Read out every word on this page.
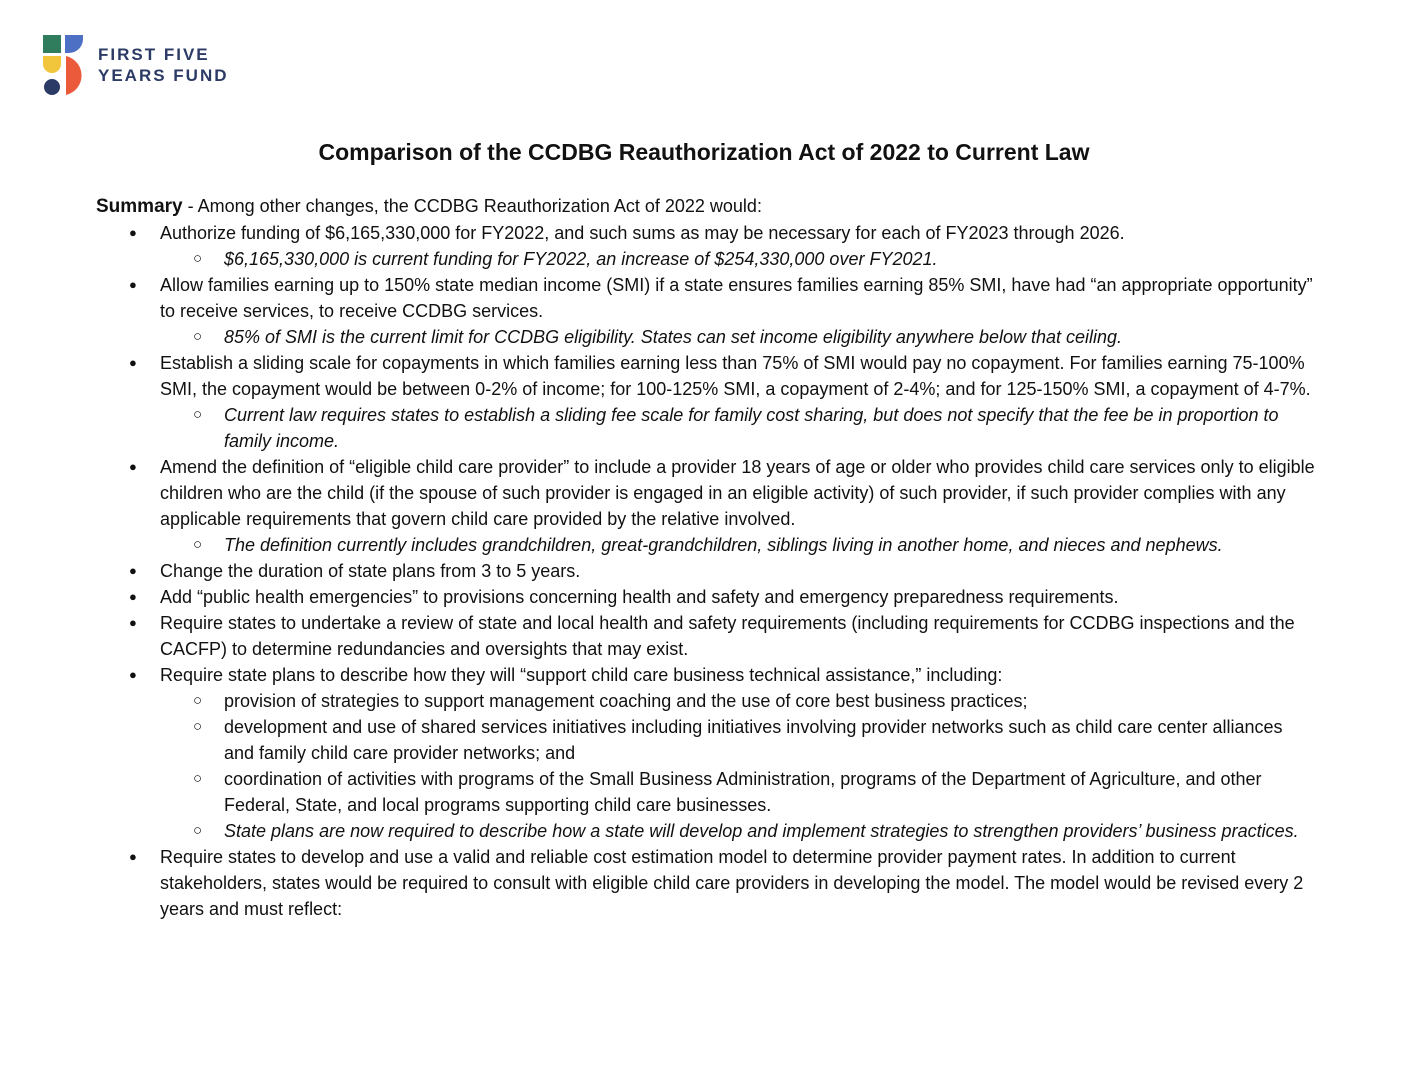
FIRST FIVE
YEARS FUND
Comparison of the CCDBG Reauthorization Act of 2022 to Current Law

Summary - Among other changes, the CCDBG Reauthorization Act of 2022 would:

● Authorize funding of $6,165,330,000 for FY2022, and such sums as may be necessary for each of FY2023 through 2026.
○ $6,165,330,000 is current funding for FY2022, an increase of $254,330,000 over FY2021.
● Allow families earning up to 150% state median income (SMI) if a state ensures families earning 85% SMI, have had “an appropriate opportunity” to receive services, to receive CCDBG services.
○ 85% of SMI is the current limit for CCDBG eligibility. States can set income eligibility anywhere below that ceiling.
● Establish a sliding scale for copayments in which families earning less than 75% of SMI would pay no copayment. For families earning 75-100% SMI, the copayment would be between 0-2% of income; for 100-125% SMI, a copayment of 2-4%; and for 125-150% SMI, a copayment of 4-7%.
○ Current law requires states to establish a sliding fee scale for family cost sharing, but does not specify that the fee be in proportion to family income.
● Amend the definition of “eligible child care provider” to include a provider 18 years of age or older who provides child care services only to eligible children who are the child (if the spouse of such provider is engaged in an eligible activity) of such provider, if such provider complies with any applicable requirements that govern child care provided by the relative involved.
○ The definition currently includes grandchildren, great-grandchildren, siblings living in another home, and nieces and nephews.
● Change the duration of state plans from 3 to 5 years.
● Add “public health emergencies” to provisions concerning health and safety and emergency preparedness requirements.
● Require states to undertake a review of state and local health and safety requirements (including requirements for CCDBG inspections and the CACFP) to determine redundancies and oversights that may exist.
● Require state plans to describe how they will “support child care business technical assistance,” including:
○ provision of strategies to support management coaching and the use of core best business practices;
○ development and use of shared services initiatives including initiatives involving provider networks such as child care center alliances and family child care provider networks; and
○ coordination of activities with programs of the Small Business Administration, programs of the Department of Agriculture, and other Federal, State, and local programs supporting child care businesses.
○ State plans are now required to describe how a state will develop and implement strategies to strengthen providers’ business practices.
● Require states to develop and use a valid and reliable cost estimation model to determine provider payment rates. In addition to current stakeholders, states would be required to consult with eligible child care providers in developing the model. The model would be revised every 2 years and must reflect:
